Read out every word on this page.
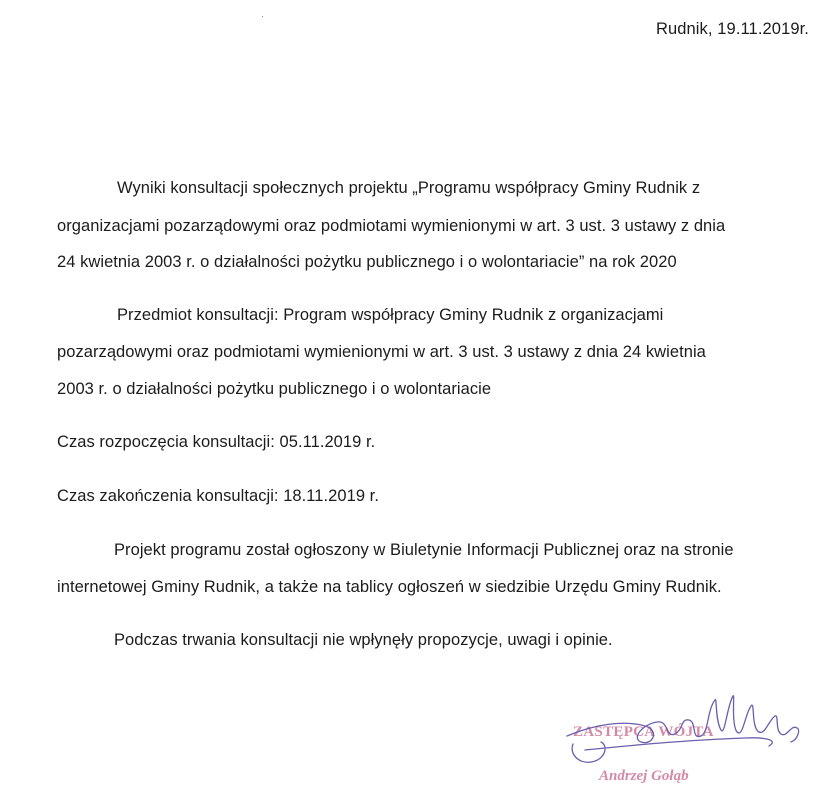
Rudnik, 19.11.2019r.
Wyniki konsultacji społecznych projektu „Programu współpracy Gminy Rudnik z
organizacjami pozarządowymi oraz podmiotami wymienionymi w art. 3 ust. 3 ustawy z dnia
24 kwietnia 2003 r. o działalności pożytku publicznego i o wolontariacie” na rok 2020
Przedmiot konsultacji: Program współpracy Gminy Rudnik z organizacjami
pozarządowymi oraz podmiotami wymienionymi w art. 3 ust. 3 ustawy z dnia 24 kwietnia
2003 r. o działalności pożytku publicznego i o wolontariacie
Czas rozpoczęcia konsultacji: 05.11.2019 r.
Czas zakończenia konsultacji: 18.11.2019 r.
Projekt programu został ogłoszony w Biuletynie Informacji Publicznej oraz na stronie
internetowej Gminy Rudnik, a także na tablicy ogłoszeń w siedzibie Urzędu Gminy Rudnik.
Podczas trwania konsultacji nie wpłynęły propozycje, uwagi i opinie.
ZASTĘPCA WÓJTA
Andrzej Gołąb
